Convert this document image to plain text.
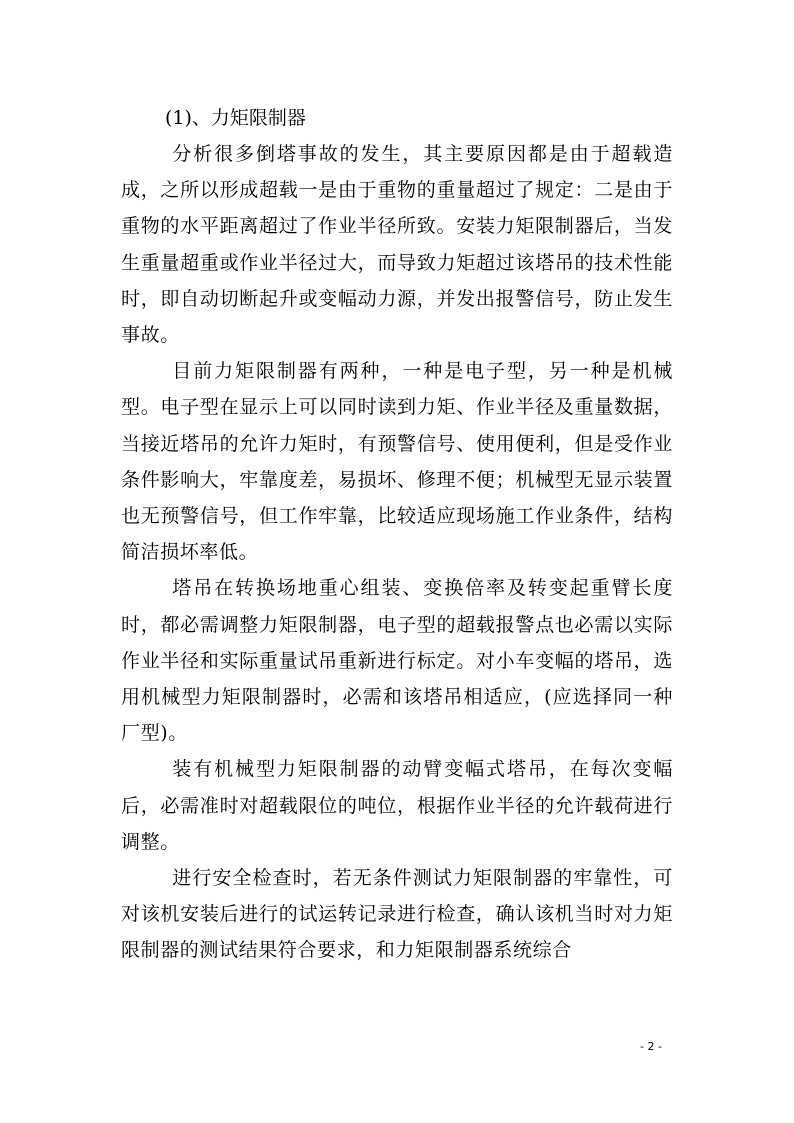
(1)、力矩限制器

分析很多倒塔事故的发生，其主要原因都是由于超载造成，之所以形成超载一是由于重物的重量超过了规定：二是由于重物的水平距离超过了作业半径所致。安装力矩限制器后，当发生重量超重或作业半径过大，而导致力矩超过该塔吊的技术性能时，即自动切断起升或变幅动力源，并发出报警信号，防止发生事故。

目前力矩限制器有两种，一种是电子型，另一种是机械型。电子型在显示上可以同时读到力矩、作业半径及重量数据，当接近塔吊的允许力矩时，有预警信号、使用便利，但是受作业条件影响大，牢靠度差，易损坏、修理不便；机械型无显示装置也无预警信号，但工作牢靠，比较适应现场施工作业条件，结构简洁损坏率低。

塔吊在转换场地重心组装、变换倍率及转变起重臂长度时，都必需调整力矩限制器，电子型的超载报警点也必需以实际作业半径和实际重量试吊重新进行标定。对小车变幅的塔吊，选用机械型力矩限制器时，必需和该塔吊相适应，(应选择同一种厂型)。

装有机械型力矩限制器的动臂变幅式塔吊，在每次变幅后，必需准时对超载限位的吨位，根据作业半径的允许载荷进行调整。

进行安全检查时，若无条件测试力矩限制器的牢靠性，可对该机安装后进行的试运转记录进行检查，确认该机当时对力矩限制器的测试结果符合要求，和力矩限制器系统综合

- 2 -
